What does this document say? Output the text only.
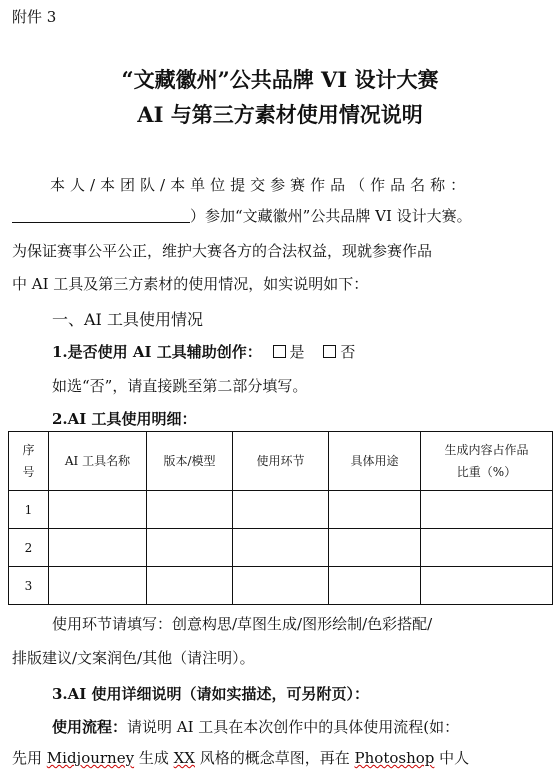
附件 3
“文藏徽州”公共品牌 VI 设计大赛
AI 与第三方素材使用情况说明
本人/本团队/本单位提交参赛作品（作品名称：
）参加“文藏徽州”公共品牌 VI 设计大赛。
为保证赛事公平公正，维护大赛各方的合法权益，现就参赛作品
中 AI 工具及第三方素材的使用情况，如实说明如下：
一、AI 工具使用情况
1.是否使用 AI 工具辅助创作： 是 否
如选“否”，请直接跳至第二部分填写。
2.AI 工具使用明细：
序
号	AI 工具名称	版本/模型	使用环节	具体用途	生成内容占作品
比重（%）
1					
2					
3					
使用环节请填写：创意构思/草图生成/图形绘制/色彩搭配/
排版建议/文案润色/其他（请注明）。
3.AI 使用详细说明（请如实描述，可另附页）：
使用流程：请说明 AI 工具在本次创作中的具体使用流程(如：
先用 Midjourney 生成 XX 风格的概念草图，再在 Photoshop 中人
